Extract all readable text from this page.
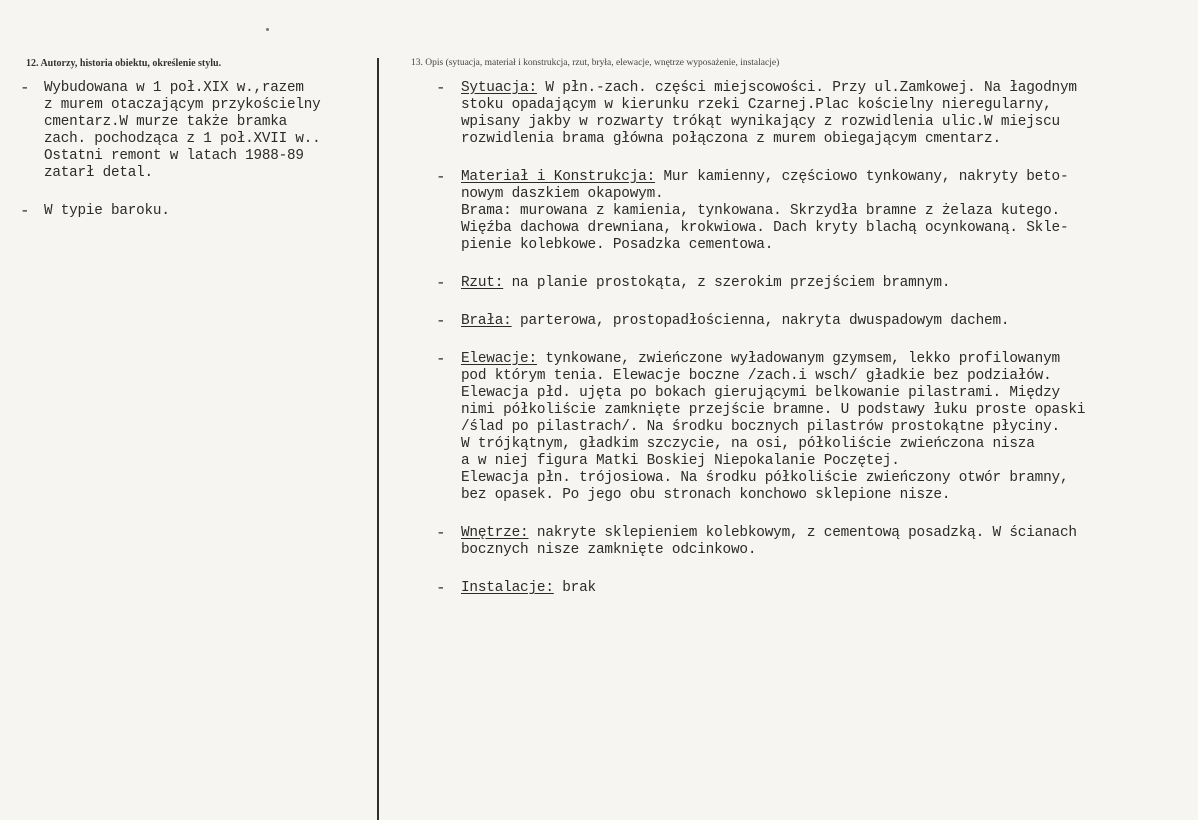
12. Autorzy, historia obiektu, określenie stylu.	13. Opis (sytuacja, materiał i konstrukcja, rzut, bryła, elewacje, wnętrze wyposażenie, instalacje)
- Wybudowana w 1 poł.XIX w.,razem
z murem otaczającym przykościelny
cmentarz.W murze także bramka
zach. pochodząca z 1 poł.XVII w..
Ostatni remont w latach 1988-89
zatarł detal.
- W typie baroku.
- Sytuacja: W płn.-zach. części miejscowości. Przy ul.Zamkowej. Na łagodnym
stoku opadającym w kierunku rzeki Czarnej.Plac kościelny nieregularny,
wpisany jakby w rozwarty trókąt wynikający z rozwidlenia ulic.W miejscu
rozwidlenia brama główna połączona z murem obiegającym cmentarz.
- Materiał i Konstrukcja: Mur kamienny, częściowo tynkowany, nakryty beto-
nowym daszkiem okapowym.
Brama: murowana z kamienia, tynkowana. Skrzydła bramne z żelaza kutego.
Więźba dachowa drewniana, krokwiowa. Dach kryty blachą ocynkowaną. Skle-
pienie kolebkowe. Posadzka cementowa.
- Rzut: na planie prostokąta, z szerokim przejściem bramnym.
- Brała: parterowa, prostopadłościenna, nakryta dwuspadowym dachem.
- Elewacje: tynkowane, zwieńczone wyładowanym gzymsem, lekko profilowanym
pod którym tenia. Elewacje boczne /zach.i wsch/ gładkie bez podziałów.
Elewacja płd. ujęta po bokach gierującymi belkowanie pilastrami. Między
nimi półkoliście zamknięte przejście bramne. U podstawy łuku proste opaski
/ślad po pilastrach/. Na środku bocznych pilastrów prostokątne płyciny.
W trójkątnym, gładkim szczycie, na osi, półkoliście zwieńczona nisza
a w niej figura Matki Boskiej Niepokalanie Poczętej.
Elewacja płn. trójosiowa. Na środku półkoliście zwieńczony otwór bramny,
bez opasek. Po jego obu stronach konchowo sklepione nisze.
- Wnętrze: nakryte sklepieniem kolebkowym, z cementową posadzką. W ścianach
bocznych nisze zamknięte odcinkowo.
- Instalacje: brak
